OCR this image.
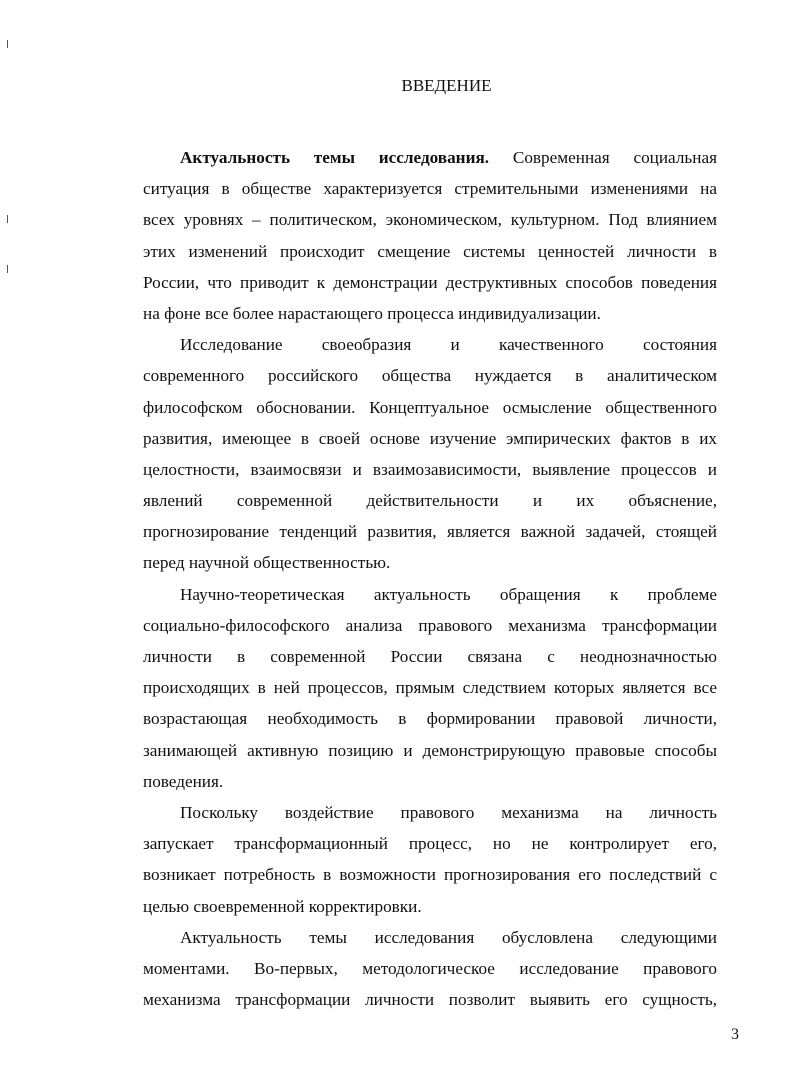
ВВЕДЕНИЕ
Актуальность темы исследования. Современная социальная
ситуация в обществе характеризуется стремительными изменениями на
всех уровнях – политическом, экономическом, культурном. Под влиянием
этих изменений происходит смещение системы ценностей личности в
России, что приводит к демонстрации деструктивных способов поведения
на фоне все более нарастающего процесса индивидуализации.
Исследование своеобразия и качественного состояния
современного российского общества нуждается в аналитическом
философском обосновании. Концептуальное осмысление общественного
развития, имеющее в своей основе изучение эмпирических фактов в их
целостности, взаимосвязи и взаимозависимости, выявление процессов и
явлений современной действительности и их объяснение,
прогнозирование тенденций развития, является важной задачей, стоящей
перед научной общественностью.
Научно-теоретическая актуальность обращения к проблеме
социально-философского анализа правового механизма трансформации
личности в современной России связана с неоднозначностью
происходящих в ней процессов, прямым следствием которых является все
возрастающая необходимость в формировании правовой личности,
занимающей активную позицию и демонстрирующую правовые способы
поведения.
Поскольку воздействие правового механизма на личность
запускает трансформационный процесс, но не контролирует его,
возникает потребность в возможности прогнозирования его последствий с
целью своевременной корректировки.
Актуальность темы исследования обусловлена следующими
моментами. Во-первых, методологическое исследование правового
механизма трансформации личности позволит выявить его сущность,
3
